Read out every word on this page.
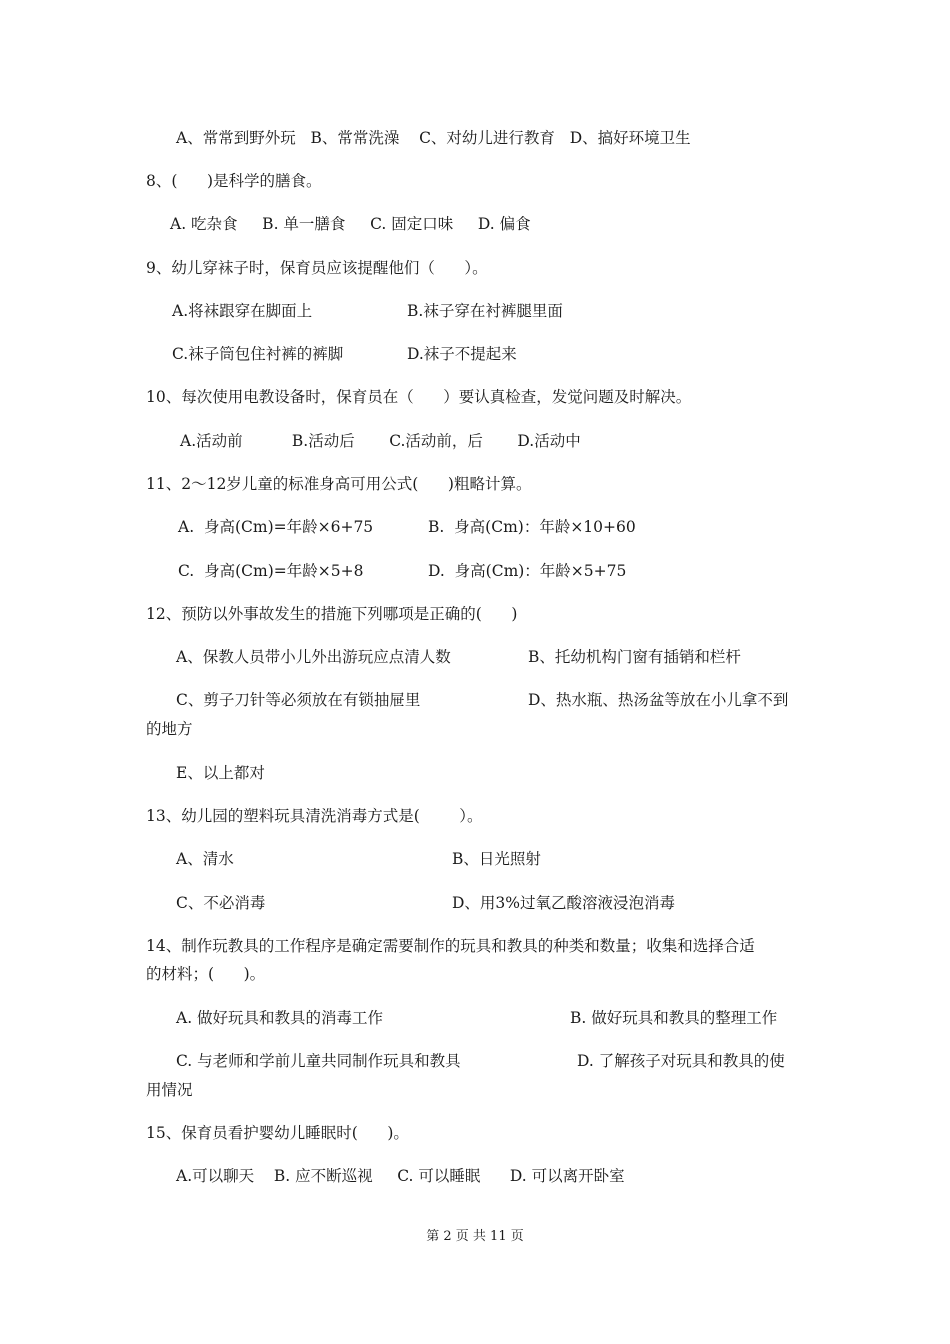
A、常常到野外玩   B、常常洗澡    C、对幼儿进行教育   D、搞好环境卫生
8、(      )是科学的膳食。
A. 吃杂食     B. 单一膳食     C. 固定口味     D. 偏食
9、幼儿穿袜子时，保育员应该提醒他们（      ）。
A.将袜跟穿在脚面上	B.袜子穿在衬裤腿里面
C.袜子筒包住衬裤的裤脚	D.袜子不提起来
10、每次使用电教设备时，保育员在（      ）要认真检查，发觉问题及时解决。
A.活动前          B.活动后       C.活动前，后       D.活动中
11、2～12岁儿童的标准身高可用公式(      )粗略计算。
A.  身高(Cm)=年龄×6+75	B.  身高(Cm)：年龄×10+60
C.  身高(Cm)=年龄×5+8	D.  身高(Cm)：年龄×5+75
12、预防以外事故发生的措施下列哪项是正确的(      )
A、保教人员带小儿外出游玩应点清人数	B、托幼机构门窗有插销和栏杆
C、剪子刀针等必须放在有锁抽屉里	D、热水瓶、热汤盆等放在小儿拿不到
的地方
E、以上都对
13、幼儿园的塑料玩具清洗消毒方式是(        ）。
A、清水	B、日光照射
C、不必消毒	D、用3%过氧乙酸溶液浸泡消毒
14、制作玩教具的工作程序是确定需要制作的玩具和教具的种类和数量；收集和选择合适
的材料；(      )。
A. 做好玩具和教具的消毒工作	B. 做好玩具和教具的整理工作
C. 与老师和学前儿童共同制作玩具和教具	D. 了解孩子对玩具和教具的使
用情况
15、保育员看护婴幼儿睡眠时(      )。
A.可以聊天    B. 应不断巡视     C. 可以睡眠      D. 可以离开卧室
第 2 页 共 11 页
